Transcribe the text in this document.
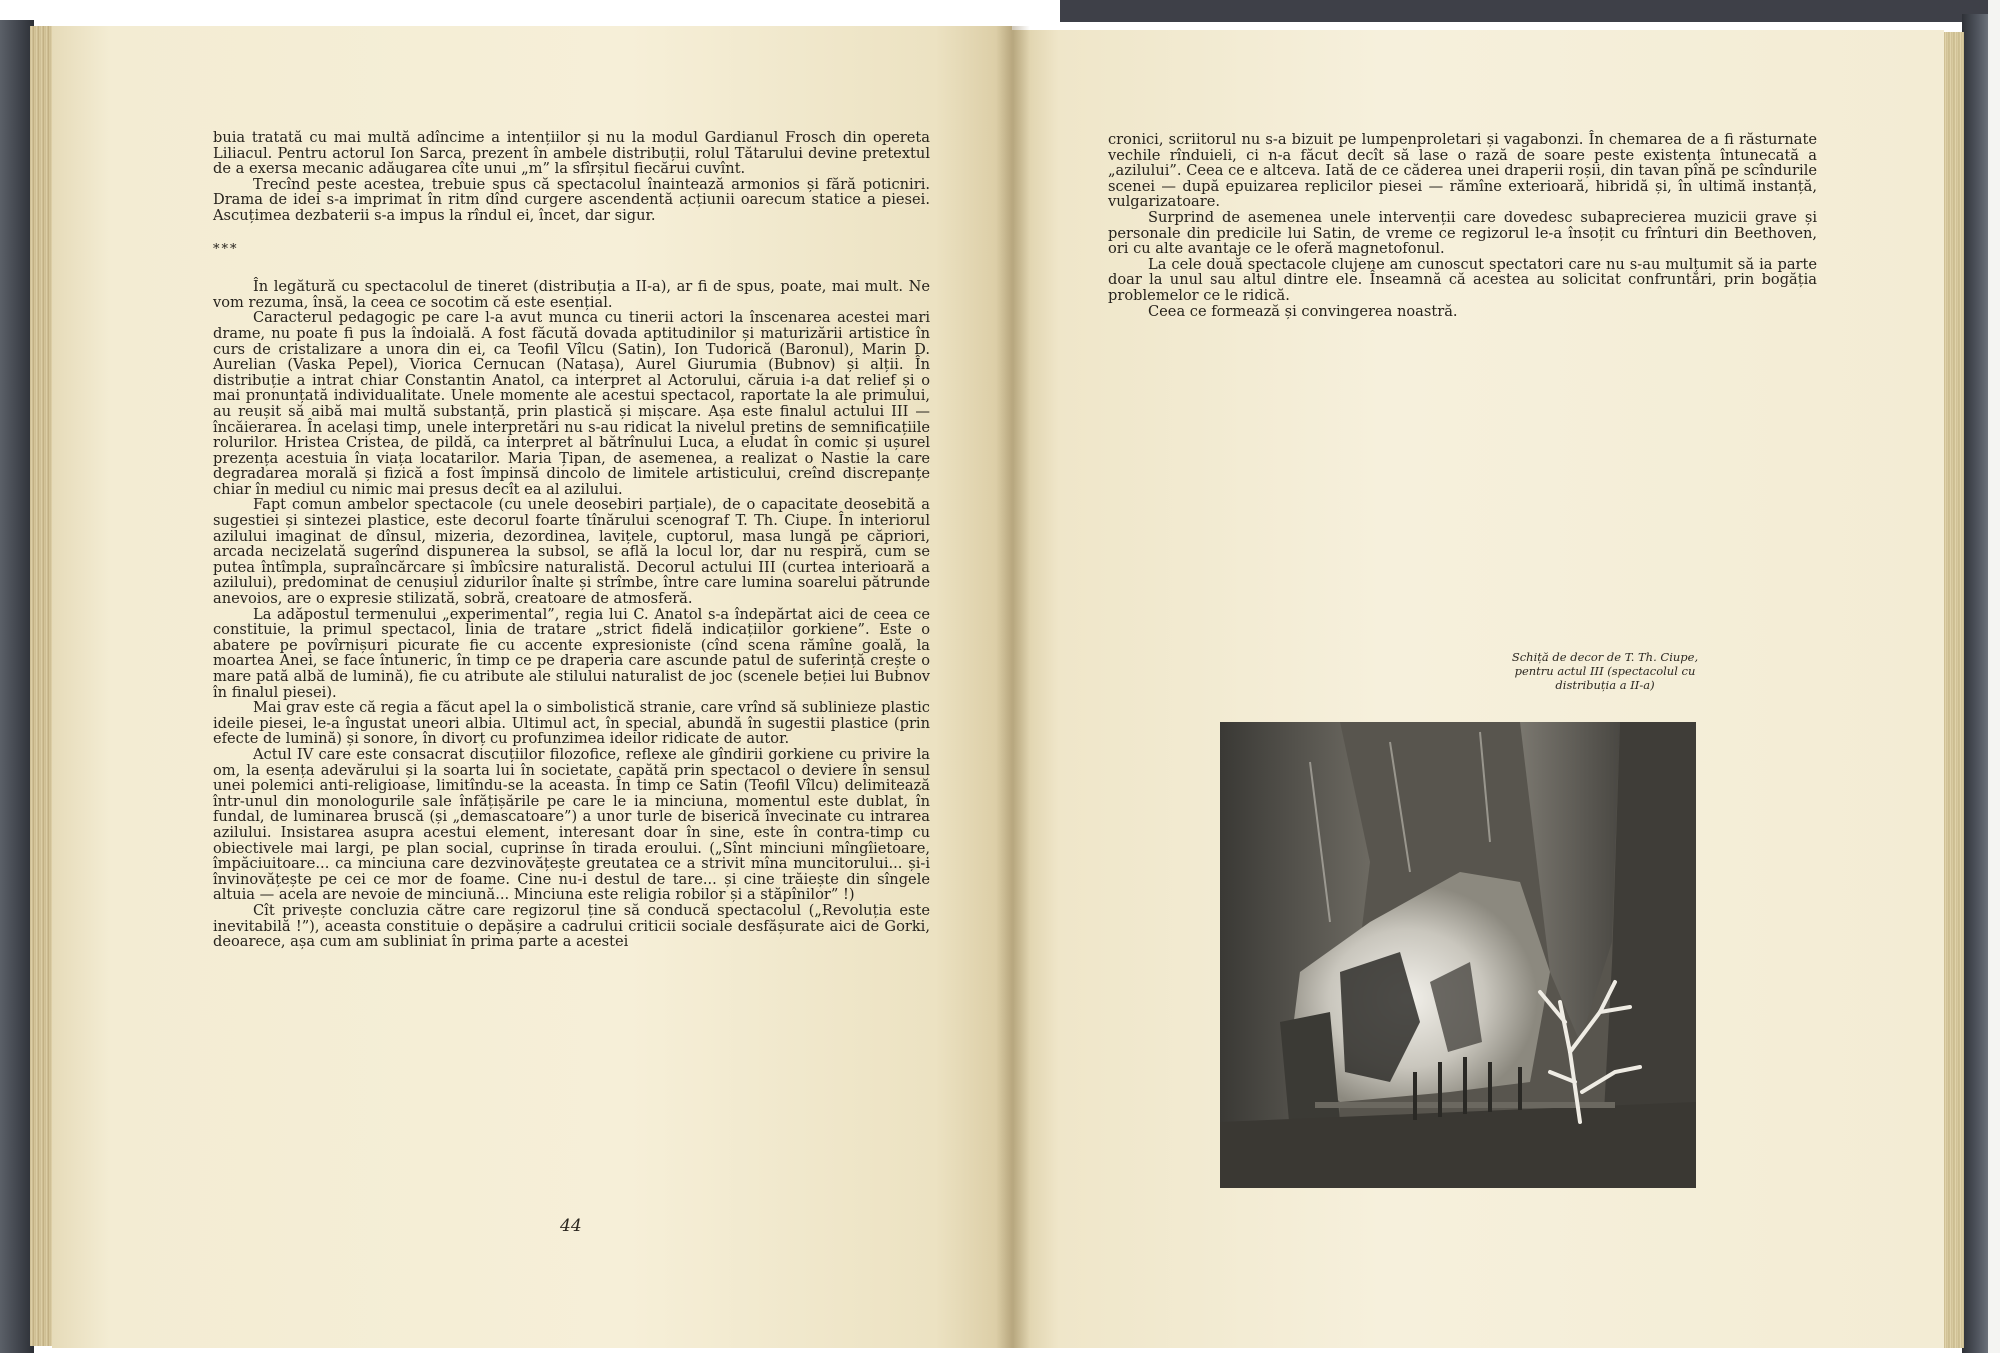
buia tratată cu mai multă adîncime a intențiilor și nu la modul Gardianul Frosch din opereta Liliacul. Pentru actorul Ion Sarca, prezent în ambele distribuții, rolul Tătarului devine pretextul de a exersa mecanic adăugarea cîte unui „m” la sfîrșitul fiecărui cuvînt.

Trecînd peste acestea, trebuie spus că spectacolul înaintează armonios și fără poticniri. Drama de idei s-a imprimat în ritm dînd curgere ascendentă acțiunii oarecum statice a piesei. Ascuțimea dezbaterii s-a impus la rîndul ei, încet, dar sigur.

***

În legătură cu spectacolul de tineret (distribuția a II-a), ar fi de spus, poate, mai mult. Ne vom rezuma, însă, la ceea ce socotim că este esențial.

Caracterul pedagogic pe care l-a avut munca cu tinerii actori la înscenarea acestei mari drame, nu poate fi pus la îndoială. A fost făcută dovada aptitudinilor și maturizării artistice în curs de cristalizare a unora din ei, ca Teofil Vîlcu (Satin), Ion Tudorică (Baronul), Marin D. Aurelian (Vaska Pepel), Viorica Cernucan (Natașa), Aurel Giurumia (Bubnov) și alții. În distribuție a intrat chiar Constantin Anatol, ca interpret al Actorului, căruia i-a dat relief și o mai pronunțată individualitate. Unele momente ale acestui spectacol, raportate la ale primului, au reușit să aibă mai multă substanță, prin plastică și mișcare. Așa este finalul actului III — încăierarea. În același timp, unele interpretări nu s-au ridicat la nivelul pretins de semnificațiile rolurilor. Hristea Cristea, de pildă, ca interpret al bătrînului Luca, a eludat în comic și ușurel prezența acestuia în viața locatarilor. Maria Țipan, de asemenea, a realizat o Nastie la care degradarea morală și fizică a fost împinsă dincolo de limitele artisticului, creînd discrepanțe chiar în mediul cu nimic mai presus decît ea al azilului.

Fapt comun ambelor spectacole (cu unele deosebiri parțiale), de o capacitate deosebită a sugestiei și sintezei plastice, este decorul foarte tînărului scenograf T. Th. Ciupe. În interiorul azilului imaginat de dînsul, mizeria, dezordinea, lavițele, cuptorul, masa lungă pe căpriori, arcada necizelată sugerînd dispunerea la subsol, se află la locul lor, dar nu respiră, cum se putea întîmpla, supraîncărcare și îmbîcsire naturalistă. Decorul actului III (curtea interioară a azilului), predominat de cenușiul zidurilor înalte și strîmbe, între care lumina soarelui pătrunde anevoios, are o expresie stilizată, sobră, creatoare de atmosferă.

La adăpostul termenului „experimental”, regia lui C. Anatol s-a îndepărtat aici de ceea ce constituie, la primul spectacol, linia de tratare „strict fidelă indicațiilor gorkiene”. Este o abatere pe povîrnișuri picurate fie cu accente expresioniste (cînd scena rămîne goală, la moartea Anei, se face întuneric, în timp ce pe draperia care ascunde patul de suferință crește o mare pată albă de lumină), fie cu atribute ale stilului naturalist de joc (scenele beției lui Bubnov în finalul piesei).

Mai grav este că regia a făcut apel la o simbolistică stranie, care vrînd să sublinieze plastic ideile piesei, le-a îngustat uneori albia. Ultimul act, în special, abundă în sugestii plastice (prin efecte de lumină) și sonore, în divorț cu profunzimea ideilor ridicate de autor.

Actul IV care este consacrat discuțiilor filozofice, reflexe ale gîndirii gorkiene cu privire la om, la esența adevărului și la soarta lui în societate, capătă prin spectacol o deviere în sensul unei polemici anti-religioase, limitîndu-se la aceasta. În timp ce Satin (Teofil Vîlcu) delimitează într-unul din monologurile sale înfățișările pe care le ia minciuna, momentul este dublat, în fundal, de luminarea bruscă (și „demascatoare”) a unor turle de biserică învecinate cu intrarea azilului. Insistarea asupra acestui element, interesant doar în sine, este în contra-timp cu obiectivele mai largi, pe plan social, cuprinse în tirada eroului. („Sînt minciuni mîngîietoare, împăciuitoare... ca minciuna care dezvinovățește greutatea ce a strivit mîna muncitorului... și-i învinovățește pe cei ce mor de foame. Cine nu-i destul de tare... și cine trăiește din sîngele altuia — acela are nevoie de minciună... Minciuna este religia robilor și a stăpînilor” !)

Cît privește concluzia către care regizorul ține să conducă spectacolul („Revoluția este inevitabilă !”), aceasta constituie o depășire a cadrului criticii sociale desfășurate aici de Gorki, deoarece, așa cum am subliniat în prima parte a acestei

44

cronici, scriitorul nu s-a bizuit pe lumpenproletari și vagabonzi. În chemarea de a fi răsturnate vechile rînduieli, ci n-a făcut decît să lase o rază de soare peste existența întunecată a „azilului”. Ceea ce e altceva. Iată de ce căderea unei draperii roșii, din tavan pînă pe scîndurile scenei — după epuizarea replicilor piesei — rămîne exterioară, hibridă și, în ultimă instanță, vulgarizatoare.

Surprind de asemenea unele intervenții care dovedesc subaprecierea muzicii grave și personale din predicile lui Satin, de vreme ce regizorul le-a însoțit cu frînturi din Beethoven, ori cu alte avantaje ce le oferă magnetofonul.

La cele două spectacole clujene am cunoscut spectatori care nu s-au mulțumit să ia parte doar la unul sau altul dintre ele. Înseamnă că acestea au solicitat confruntări, prin bogăția problemelor ce le ridică.

Ceea ce formează și convingerea noastră.

Schiță de decor de T. Th. Ciupe, pentru actul III (spectacolul cu distribuția a II-a)
